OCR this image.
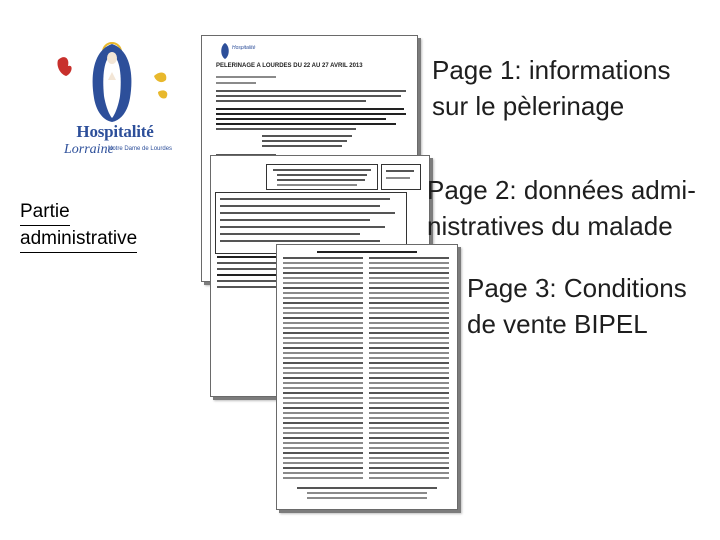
Hospitalité
Lorraine
Notre Dame de Lourdes
Partie
administrative
Hospitalité
PELERINAGE A LOURDES DU 22 AU 27 AVRIL 2013	Page 1: informations
sur le pèlerinage
Page 2: données admi-
nistratives du malade
Page 3: Conditions
de vente BIPEL
